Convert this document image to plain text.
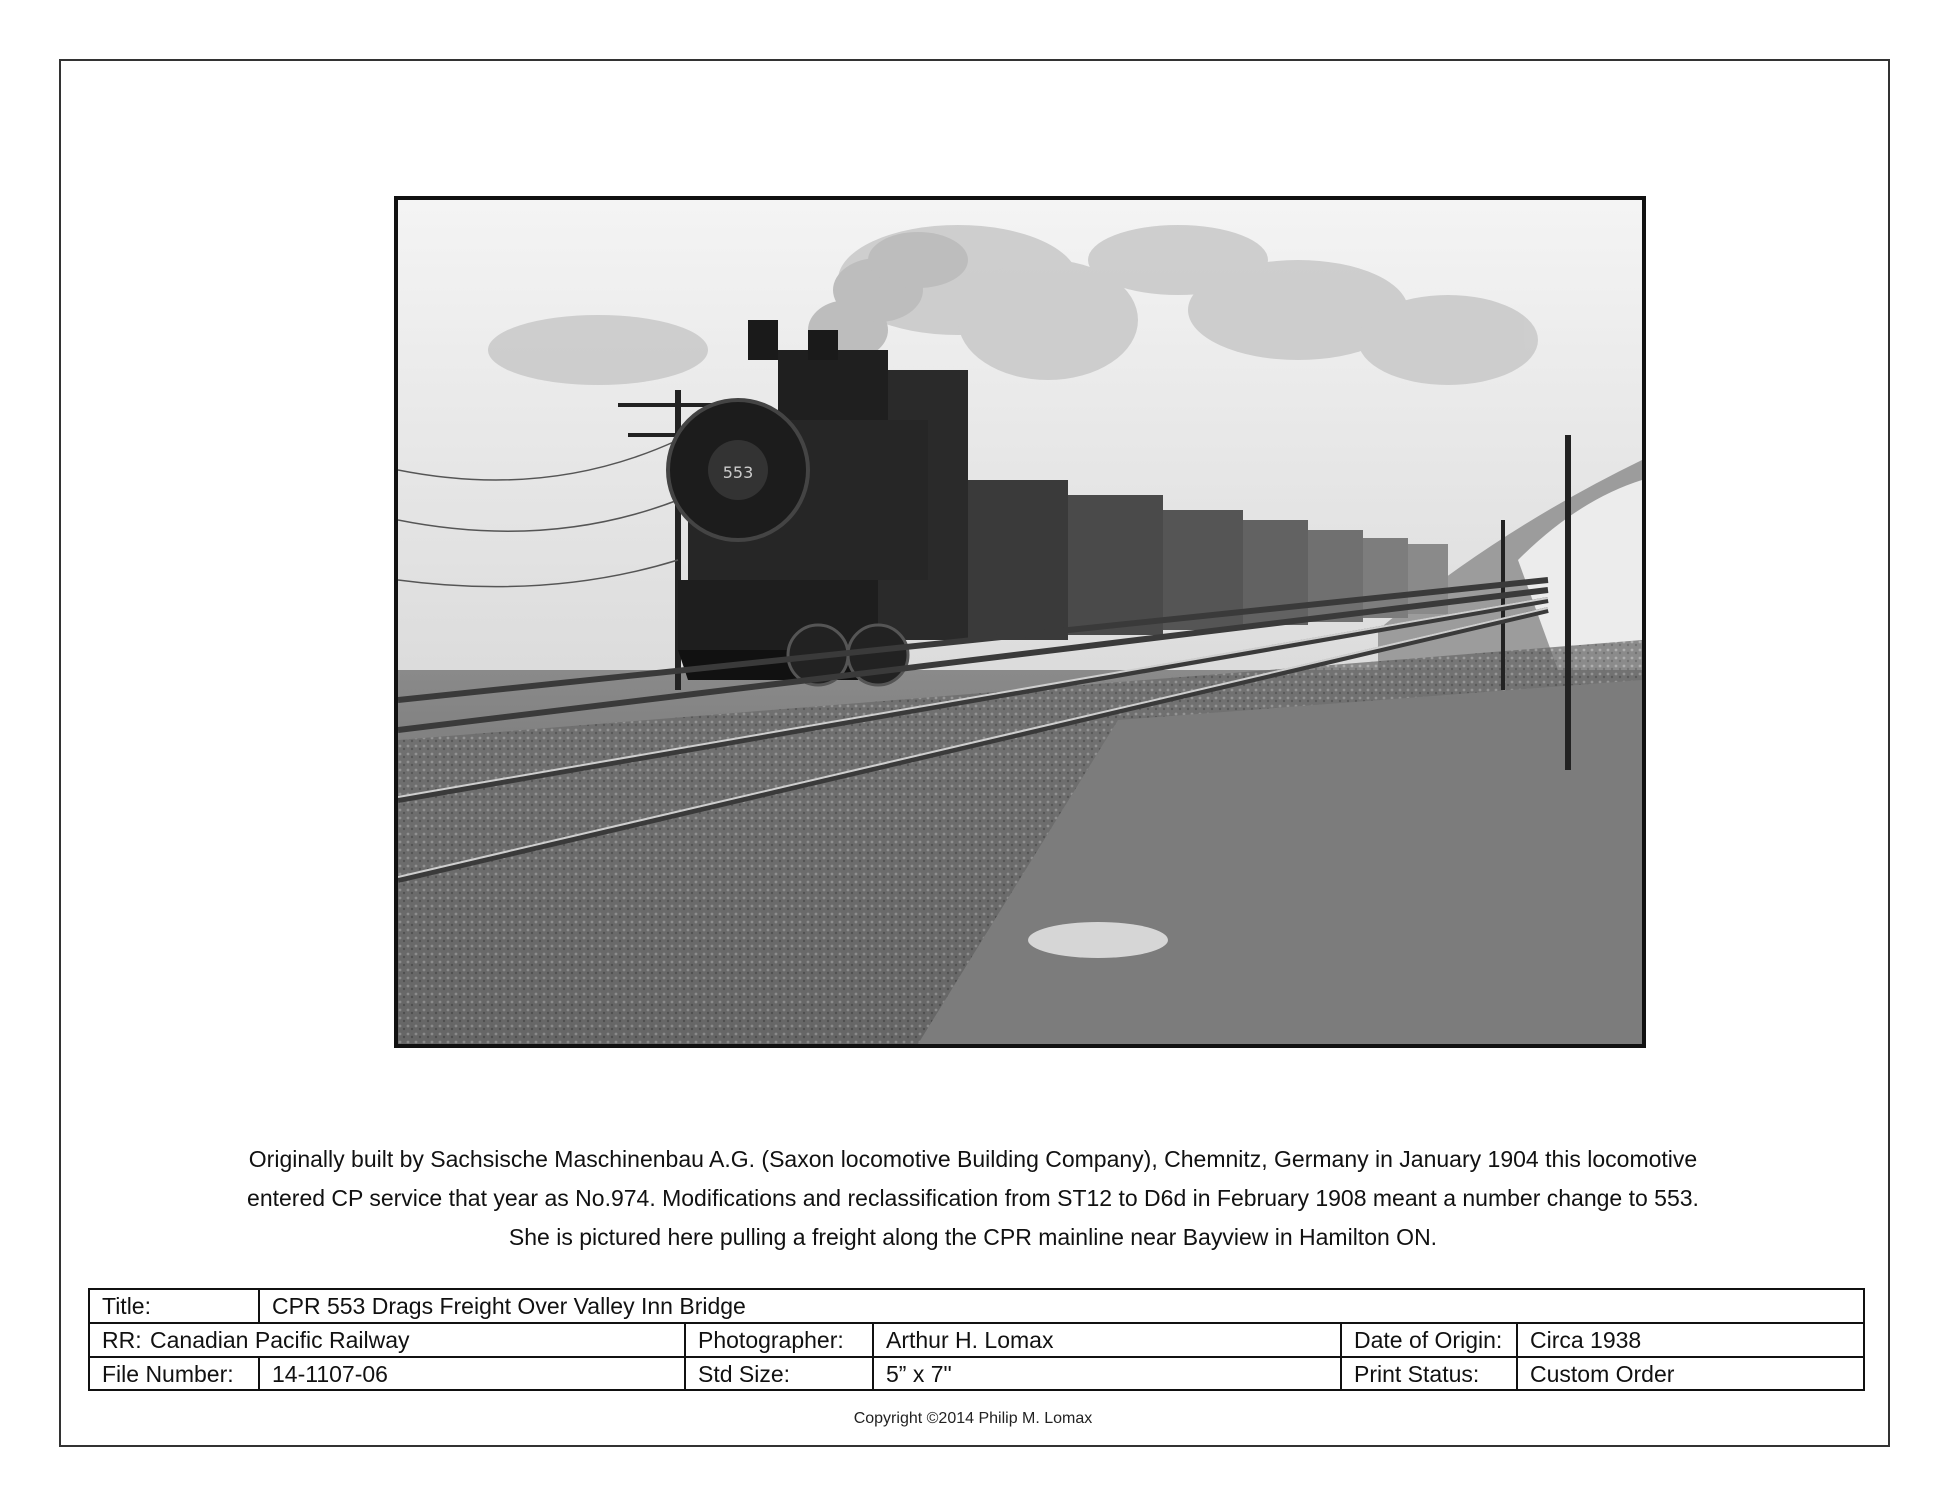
553
Originally built by Sachsische Maschinenbau A.G. (Saxon locomotive Building Company), Chemnitz, Germany in January 1904 this locomotive
entered CP service that year as No.974. Modifications and reclassification from ST12 to D6d in February 1908 meant a number change to 553.
She is pictured here pulling a freight along the CPR mainline near Bayview in Hamilton ON.
Title:	CPR 553 Drags Freight Over Valley Inn Bridge
RR: Canadian Pacific Railway	Photographer:	Arthur H. Lomax	Date of Origin:	Circa 1938
File Number:	14-1107-06	Std Size:	5” x 7"	Print Status:	Custom Order
Copyright ©2014 Philip M. Lomax
